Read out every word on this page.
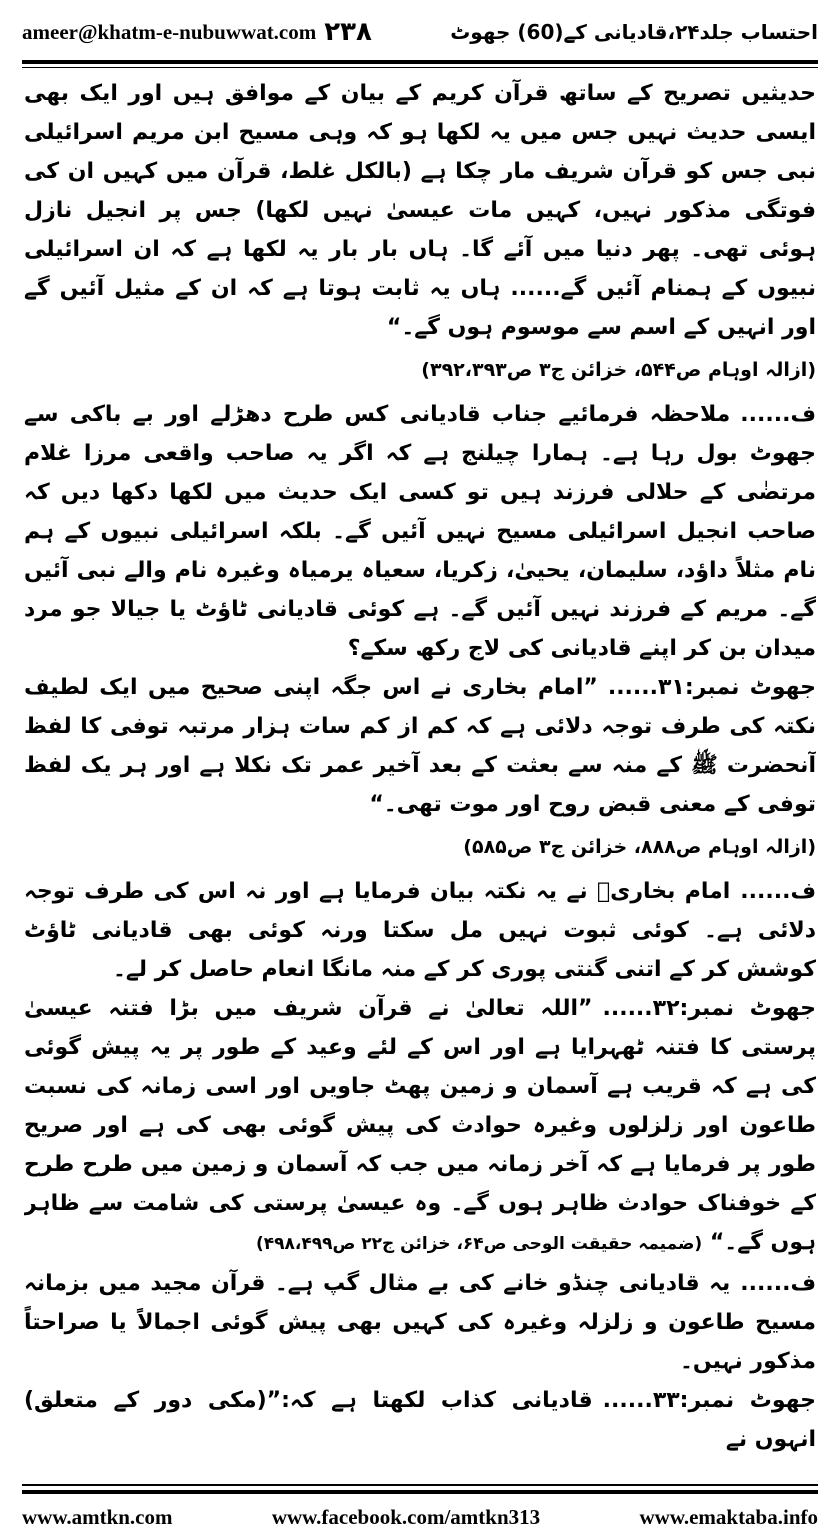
ameer@khatm-e-nubuwwat.com ۲۳۸	احتساب جلد۲۴،قادیانی کے(60) جھوٹ

حدیثیں تصریح کے ساتھ قرآن کریم کے بیان کے موافق ہیں اور ایک بھی ایسی حدیث نہیں جس میں یہ لکھا ہو کہ وہی مسیح ابن مریم اسرائیلی نبی جس کو قرآن شریف مار چکا ہے (بالکل غلط، قرآن میں کہیں ان کی فوتگی مذکور نہیں، کہیں مات عیسیٰ نہیں لکھا) جس پر انجیل نازل ہوئی تھی۔ پھر دنیا میں آئے گا۔ ہاں بار بار یہ لکھا ہے کہ ان اسرائیلی نبیوں کے ہمنام آئیں گے...... ہاں یہ ثابت ہوتا ہے کہ ان کے مثیل آئیں گے اور انہیں کے اسم سے موسوم ہوں گے۔“

(ازالہ اوہام ص۵۴۴، خزائن ج۳ ص۳۹۲،۳۹۳)

ف......ملاحظہ فرمائیے جناب قادیانی کس طرح دھڑلے اور بے باکی سے جھوٹ بول رہا ہے۔ ہمارا چیلنج ہے کہ اگر یہ صاحب واقعی مرزا غلام مرتضٰی کے حلالی فرزند ہیں تو کسی ایک حدیث میں لکھا دکھا دیں کہ صاحب انجیل اسرائیلی مسیح نہیں آئیں گے۔ بلکہ اسرائیلی نبیوں کے ہم نام مثلاً داؤد، سلیمان، یحییٰ، زکریا، سعیاہ یرمیاہ وغیرہ نام والے نبی آئیں گے۔ مریم کے فرزند نہیں آئیں گے۔ ہے کوئی قادیانی ٹاؤٹ یا جیالا جو مرد میدان بن کر اپنے قادیانی کی لاج رکھ سکے؟

جھوٹ نمبر:۳۱......”امام بخاری نے اس جگہ اپنی صحیح میں ایک لطیف نکتہ کی طرف توجہ دلائی ہے کہ کم از کم سات ہزار مرتبہ توفی کا لفظ آنحضرت ﷺ کے منہ سے بعثت کے بعد آخیر عمر تک نکلا ہے اور ہر یک لفظ توفی کے معنی قبض روح اور موت تھی۔“

(ازالہ اوہام ص۸۸۸، خزائن ج۳ ص۵۸۵)

ف......امام بخاریؒ نے یہ نکتہ بیان فرمایا ہے اور نہ اس کی طرف توجہ دلائی ہے۔ کوئی ثبوت نہیں مل سکتا ورنہ کوئی بھی قادیانی ٹاؤٹ کوشش کر کے اتنی گنتی پوری کر کے منہ مانگا انعام حاصل کر لے۔

جھوٹ نمبر:۳۲......”اللہ تعالیٰ نے قرآن شریف میں بڑا فتنہ عیسیٰ پرستی کا فتنہ ٹھہرایا ہے اور اس کے لئے وعید کے طور پر یہ پیش گوئی کی ہے کہ قریب ہے آسمان و زمین پھٹ جاویں اور اسی زمانہ کی نسبت طاعون اور زلزلوں وغیرہ حوادث کی پیش گوئی بھی کی ہے اور صریح طور پر فرمایا ہے کہ آخر زمانہ میں جب کہ آسمان و زمین میں طرح طرح کے خوفناک حوادث ظاہر ہوں گے۔ وہ عیسیٰ پرستی کی شامت سے ظاہر ہوں گے۔“ (ضمیمہ حقیقت الوحی ص۶۴، خزائن ج۲۲ ص۴۹۸،۴۹۹)

ف......یہ قادیانی چنڈو خانے کی بے مثال گپ ہے۔ قرآن مجید میں بزمانہ مسیح طاعون و زلزلہ وغیرہ کی کہیں بھی پیش گوئی اجمالاً یا صراحتاً مذکور نہیں۔

جھوٹ نمبر:۳۳......قادیانی کذاب لکھتا ہے کہ:”(مکی دور کے متعلق) انہوں نے

www.amtkn.com	www.facebook.com/amtkn313	www.emaktaba.info
